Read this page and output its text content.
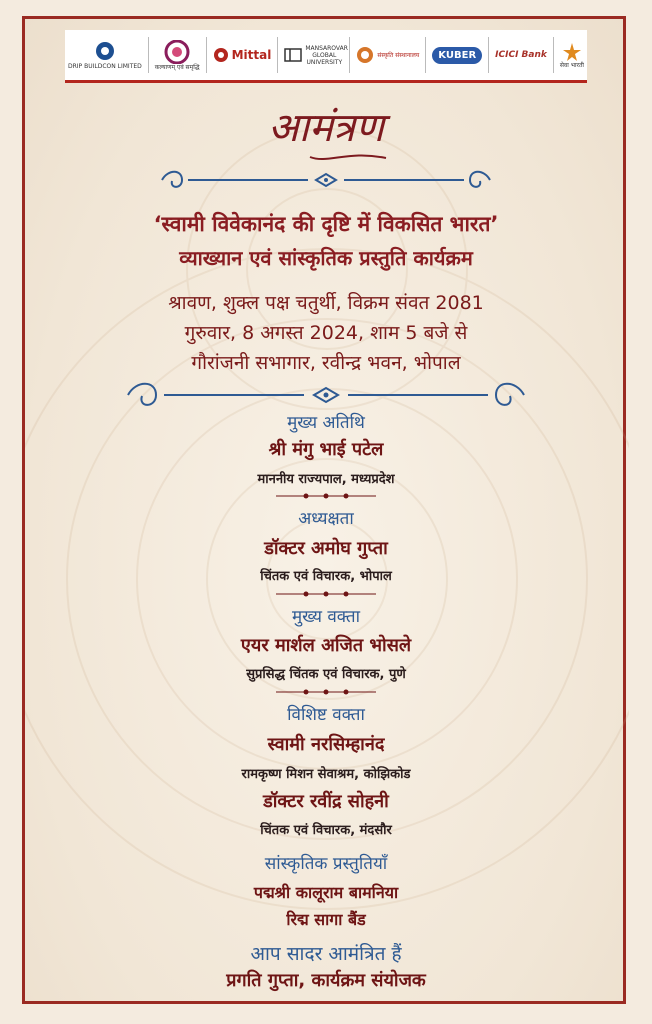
DRIP BUILDCON LIMITED कल्याणम् एवं समृद्धि
Mittal	MANSAROVAR GLOBAL UNIVERSITY
संस्कृति संस्थानालय	KUBER	ICICI Bank
सेवा भारती
आमंत्रण
‘स्वामी विवेकानंद की दृष्टि में विकसित भारत’
व्याख्यान एवं सांस्कृतिक प्रस्तुति कार्यक्रम
श्रावण, शुक्ल पक्ष चतुर्थी, विक्रम संवत 2081
गुरुवार, 8 अगस्त 2024, शाम 5 बजे से
गौरांजनी सभागार, रवीन्द्र भवन, भोपाल
मुख्य अतिथि
श्री मंगु भाई पटेल
माननीय राज्यपाल, मध्यप्रदेश
अध्यक्षता
डॉक्टर अमोघ गुप्ता
चिंतक एवं विचारक, भोपाल
मुख्य वक्ता
एयर मार्शल अजित भोसले
सुप्रसिद्ध चिंतक एवं विचारक, पुणे
विशिष्ट वक्ता
स्वामी नरसिम्हानंद
रामकृष्ण मिशन सेवाश्रम, कोझिकोड
डॉक्टर रवींद्र सोहनी
चिंतक एवं विचारक, मंदसौर
सांस्कृतिक प्रस्तुतियाँ
पद्मश्री कालूराम बामनिया
रिद्म सागा बैंड
आप सादर आमंत्रित हैं
प्रगति गुप्ता, कार्यक्रम संयोजक
